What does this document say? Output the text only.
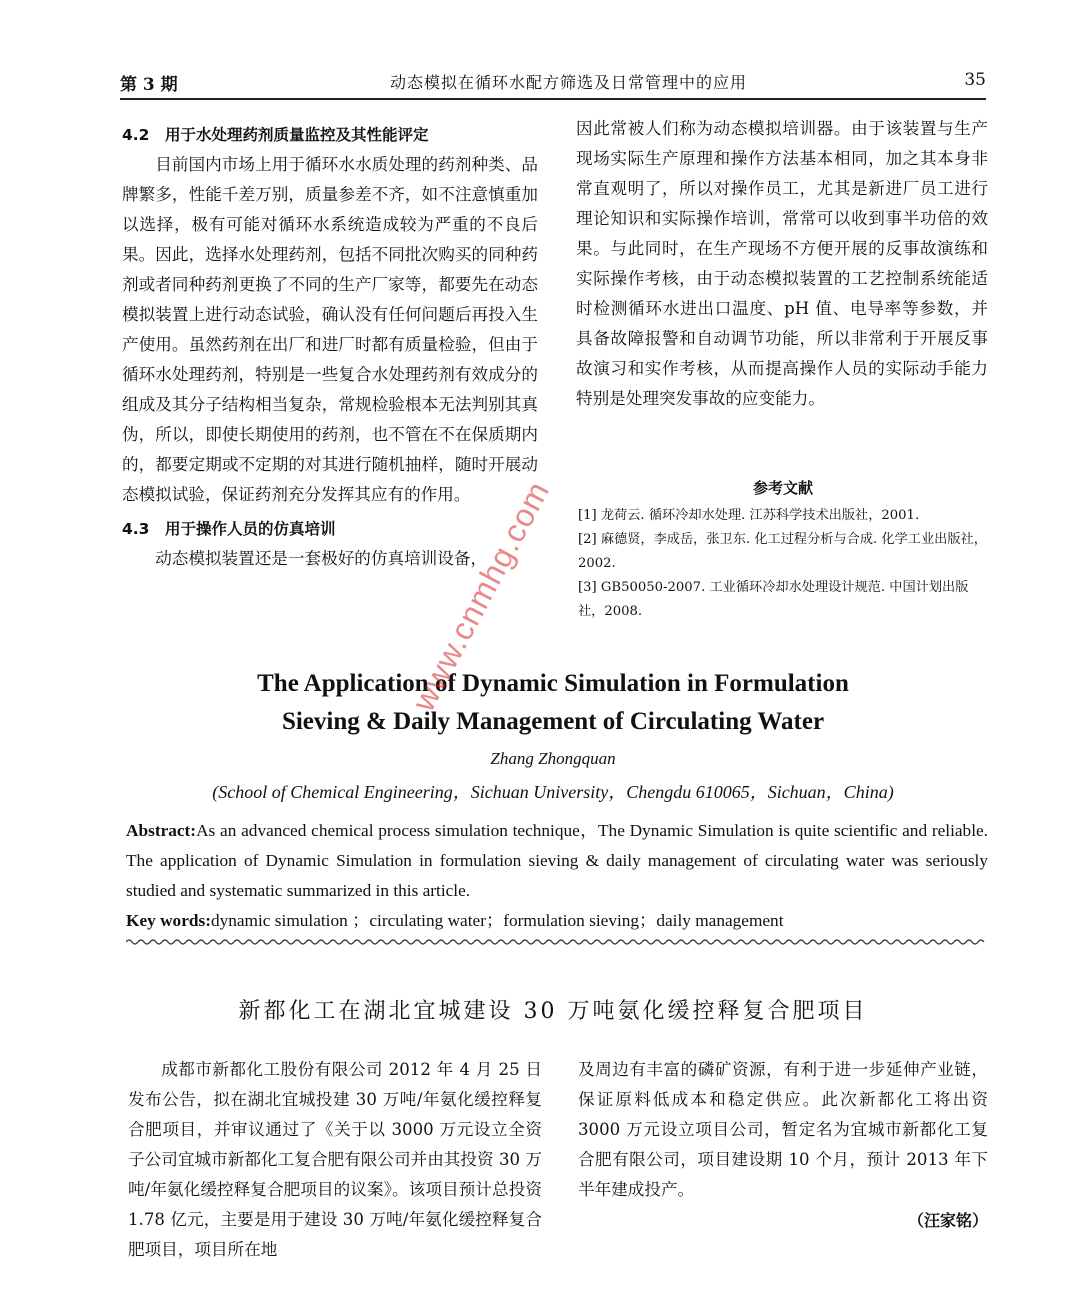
第 3 期	动态模拟在循环水配方筛选及日常管理中的应用	35

4.2　用于水处理药剂质量监控及其性能评定

目前国内市场上用于循环水水质处理的药剂种类、品牌繁多，性能千差万别，质量参差不齐，如不注意慎重加以选择，极有可能对循环水系统造成较为严重的不良后果。因此，选择水处理药剂，包括不同批次购买的同种药剂或者同种药剂更换了不同的生产厂家等，都要先在动态模拟装置上进行动态试验，确认没有任何问题后再投入生产使用。虽然药剂在出厂和进厂时都有质量检验，但由于循环水处理药剂，特别是一些复合水处理药剂有效成分的组成及其分子结构相当复杂，常规检验根本无法判别其真伪，所以，即使长期使用的药剂，也不管在不在保质期内的，都要定期或不定期的对其进行随机抽样，随时开展动态模拟试验，保证药剂充分发挥其应有的作用。

4.3　用于操作人员的仿真培训

动态模拟装置还是一套极好的仿真培训设备，

因此常被人们称为动态模拟培训器。由于该装置与生产现场实际生产原理和操作方法基本相同，加之其本身非常直观明了，所以对操作员工，尤其是新进厂员工进行理论知识和实际操作培训，常常可以收到事半功倍的效果。与此同时，在生产现场不方便开展的反事故演练和实际操作考核，由于动态模拟装置的工艺控制系统能适时检测循环水进出口温度、pH 值、电导率等参数，并具备故障报警和自动调节功能，所以非常利于开展反事故演习和实作考核，从而提高操作人员的实际动手能力特别是处理突发事故的应变能力。

参考文献

[1] 龙荷云. 循环冷却水处理. 江苏科学技术出版社，2001.

[2] 麻德贤，李成岳，张卫东. 化工过程分析与合成. 化学工业出版社，2002.

[3] GB50050-2007. 工业循环冷却水处理设计规范. 中国计划出版社，2008.

The Application of Dynamic Simulation in Formulation
Sieving & Daily Management of Circulating Water
Zhang Zhongquan
(School of Chemical Engineering，Sichuan University，Chengdu 610065，Sichuan，China)
Abstract:As an advanced chemical process simulation technique，The Dynamic Simulation is quite scientific and reliable. The application of Dynamic Simulation in formulation sieving & daily management of circulating water was seriously studied and systematic summarized in this article.
Key words:dynamic simulation ；circulating water；formulation sieving；daily management
新都化工在湖北宜城建设 30 万吨氨化缓控释复合肥项目

成都市新都化工股份有限公司 2012 年 4 月 25 日发布公告，拟在湖北宜城投建 30 万吨/年氨化缓控释复合肥项目，并审议通过了《关于以 3000 万元设立全资子公司宜城市新都化工复合肥有限公司并由其投资 30 万吨/年氨化缓控释复合肥项目的议案》。该项目预计总投资 1.78 亿元，主要是用于建设 30 万吨/年氨化缓控释复合肥项目，项目所在地

及周边有丰富的磷矿资源，有利于进一步延伸产业链，保证原料低成本和稳定供应。此次新都化工将出资 3000 万元设立项目公司，暂定名为宜城市新都化工复合肥有限公司，项目建设期 10 个月，预计 2013 年下半年建成投产。

（汪家铭）
www.cnmhg.com
